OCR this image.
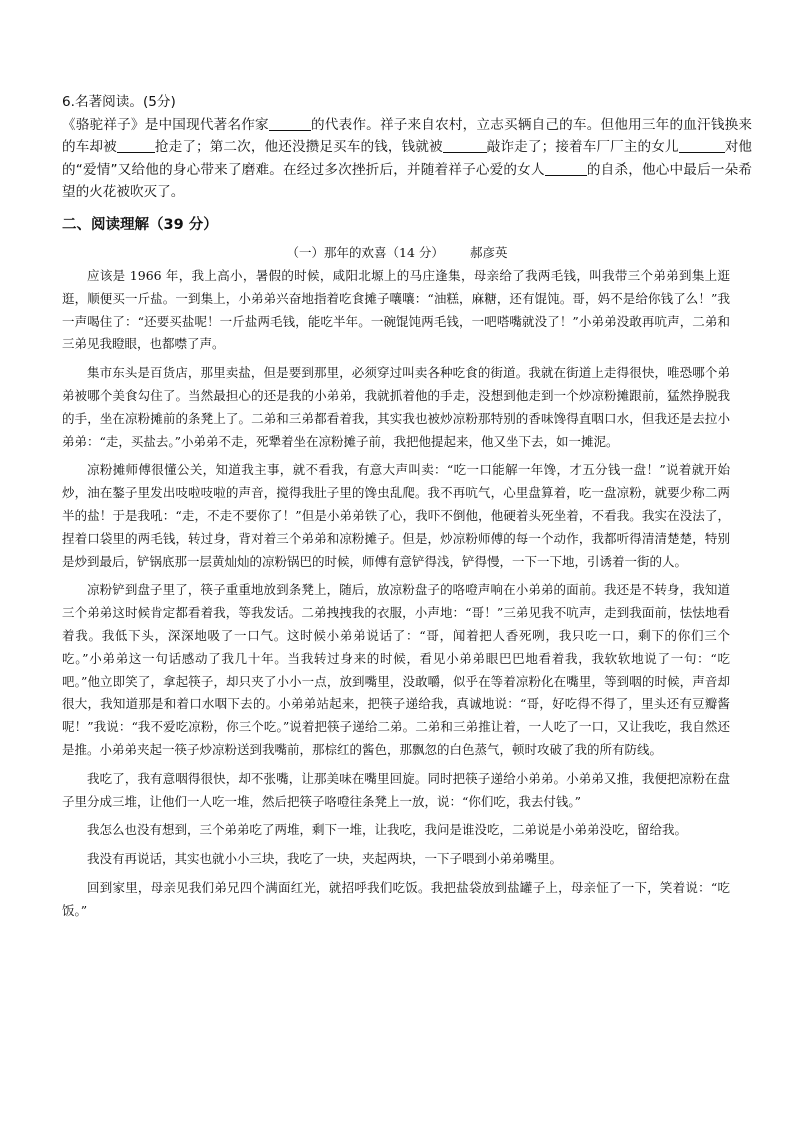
6.名著阅读。(5分)

《骆驼祥子》是中国现代著名作家	的代表作。祥子来自农村，立志买辆自己的车。但他用三年的血汗钱换来的车却被	抢走了；第二次，他还没攒足买车的钱，钱就被	敲诈走了；接着车厂厂主的女儿	对他的“爱情”又给他的身心带来了磨难。在经过多次挫折后，并随着祥子心爱的女人	的自杀，他心中最后一朵希望的火花被吹灭了。

二、阅读理解（39 分）
（一）那年的欢喜（14 分） 郝彦英

应该是 1966 年，我上高小，暑假的时候，咸阳北塬上的马庄逢集，母亲给了我两毛钱，叫我带三个弟弟到集上逛逛，顺便买一斤盐。一到集上，小弟弟兴奋地指着吃食摊子嚷嚷：“油糕，麻糖，还有馄饨。哥，妈不是给你钱了么！”我一声喝住了：“还要买盐呢！一斤盐两毛钱，能吃半年。一碗馄饨两毛钱，一吧嗒嘴就没了！”小弟弟没敢再吭声，二弟和三弟见我瞪眼，也都噤了声。

集市东头是百货店，那里卖盐，但是要到那里，必须穿过叫卖各种吃食的街道。我就在街道上走得很快，唯恐哪个弟弟被哪个美食勾住了。当然最担心的还是我的小弟弟，我就抓着他的手走，没想到他走到一个炒凉粉摊跟前，猛然挣脱我的手，坐在凉粉摊前的条凳上了。二弟和三弟都看着我，其实我也被炒凉粉那特别的香味馋得直咽口水，但我还是去拉小弟弟：“走，买盐去。”小弟弟不走，死犟着坐在凉粉摊子前，我把他提起来，他又坐下去，如一摊泥。

凉粉摊师傅很懂公关，知道我主事，就不看我，有意大声叫卖：“吃一口能解一年馋，才五分钱一盘！”说着就开始炒，油在鏊子里发出吱啦吱啦的声音，搅得我肚子里的馋虫乱爬。我不再吭气，心里盘算着，吃一盘凉粉，就要少称二两半的盐！于是我吼：“走，不走不要你了！”但是小弟弟铁了心，我吓不倒他，他硬着头死坐着，不看我。我实在没法了，捏着口袋里的两毛钱，转过身，背对着三个弟弟和凉粉摊子。但是，炒凉粉师傅的每一个动作，我都听得清清楚楚，特别是炒到最后，铲锅底那一层黄灿灿的凉粉锅巴的时候，师傅有意铲得浅，铲得慢，一下一下地，引诱着一街的人。

凉粉铲到盘子里了，筷子重重地放到条凳上，随后，放凉粉盘子的咯噔声响在小弟弟的面前。我还是不转身，我知道三个弟弟这时候肯定都看着我，等我发话。二弟拽拽我的衣服，小声地：“哥！”三弟见我不吭声，走到我面前，怯怯地看着我。我低下头，深深地吸了一口气。这时候小弟弟说话了：“哥，闻着把人香死咧，我只吃一口，剩下的你们三个吃。”小弟弟这一句话感动了我几十年。当我转过身来的时候，看见小弟弟眼巴巴地看着我，我软软地说了一句：“吃吧。”他立即笑了，拿起筷子，却只夹了小小一点，放到嘴里，没敢嚼，似乎在等着凉粉化在嘴里，等到咽的时候，声音却很大，我知道那是和着口水咽下去的。小弟弟站起来，把筷子递给我，真诚地说：“哥，好吃得不得了，里头还有豆瓣酱呢！”我说：“我不爱吃凉粉，你三个吃。”说着把筷子递给二弟。二弟和三弟推让着，一人吃了一口，又让我吃，我自然还是推。小弟弟夹起一筷子炒凉粉送到我嘴前，那棕红的酱色，那飘忽的白色蒸气，顿时攻破了我的所有防线。

我吃了，我有意咽得很快，却不张嘴，让那美味在嘴里回旋。同时把筷子递给小弟弟。小弟弟又推，我便把凉粉在盘子里分成三堆，让他们一人吃一堆，然后把筷子咯噔往条凳上一放，说：“你们吃，我去付钱。”

我怎么也没有想到，三个弟弟吃了两堆，剩下一堆，让我吃，我问是谁没吃，二弟说是小弟弟没吃，留给我。

我没有再说话，其实也就小小三块，我吃了一块，夹起两块，一下子喂到小弟弟嘴里。

回到家里，母亲见我们弟兄四个满面红光，就招呼我们吃饭。我把盐袋放到盐罐子上，母亲怔了一下，笑着说：“吃饭。”
